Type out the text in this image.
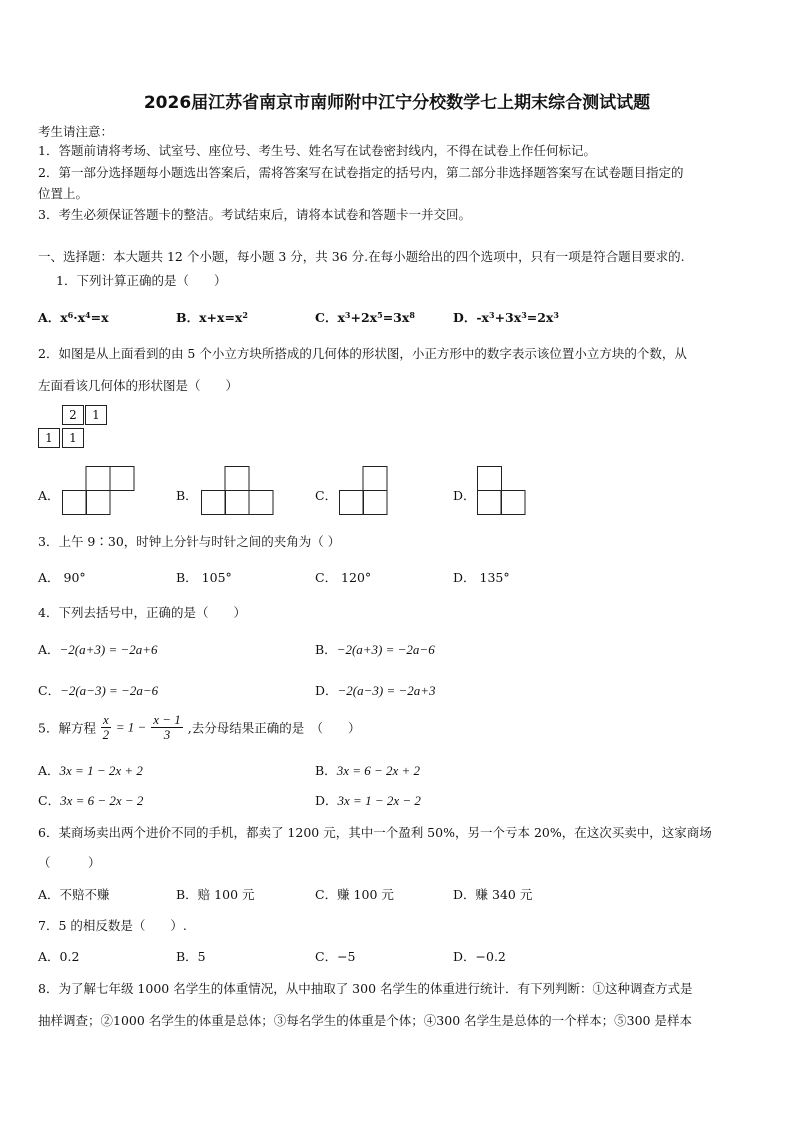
2026届江苏省南京市南师附中江宁分校数学七上期末综合测试试题
考生请注意：
1．答题前请将考场、试室号、座位号、考生号、姓名写在试卷密封线内，不得在试卷上作任何标记。
2．第一部分选择题每小题选出答案后，需将答案写在试卷指定的括号内，第二部分非选择题答案写在试卷题目指定的
位置上。
3．考生必须保证答题卡的整洁。考试结束后，请将本试卷和答题卡一并交回。
一、选择题：本大题共 12 个小题，每小题 3 分，共 36 分.在每小题给出的四个选项中，只有一项是符合题目要求的.
1．下列计算正确的是（　　）
A．$x^6\cdot x^4=x$	B．$x+x=x^2$	C．$x^3+2x^5=3x^8$	D．$-x^3+3x^3=2x^3$
2．如图是从上面看到的由 5 个小立方块所搭成的几何体的形状图，小正方形中的数字表示该位置小立方块的个数，从
左面看该几何体的形状图是（　　）
2	1
1	1
A．	B．	C．	D．
3．上午 9∶30，时钟上分针与时针之间的夹角为（ ）
A． 90°	B． 105°	C． 120°	D． 135°
4．下列去括号中，正确的是（　　）
A．−2(a+3) = −2a+6	B．−2(a+3) = −2a−6
C．−2(a−3) = −2a−6	D．−2(a−3) = −2a+3
5．解方程 $\frac{x}{2} = 1 - \frac{x - 1}{3}$ ,去分母结果正确的是　（　　）
A．3x = 1 − 2x + 2	B．3x = 6 − 2x + 2
C．3x = 6 − 2x − 2	D．3x = 1 − 2x − 2
6．某商场卖出两个进价不同的手机，都卖了 1200 元，其中一个盈利 50%，另一个亏本 20%，在这次买卖中，这家商场
（　　　）
A．不赔不赚	B．赔 100 元	C．赚 100 元	D．赚 340 元
7．5 的相反数是（　　）.
A．0.2	B．5	C．−5	D．−0.2
8．为了解七年级 1000 名学生的体重情况，从中抽取了 300 名学生的体重进行统计．有下列判断：①这种调查方式是
抽样调查；②1000 名学生的体重是总体；③每名学生的体重是个体；④300 名学生是总体的一个样本；⑤300 是样本
